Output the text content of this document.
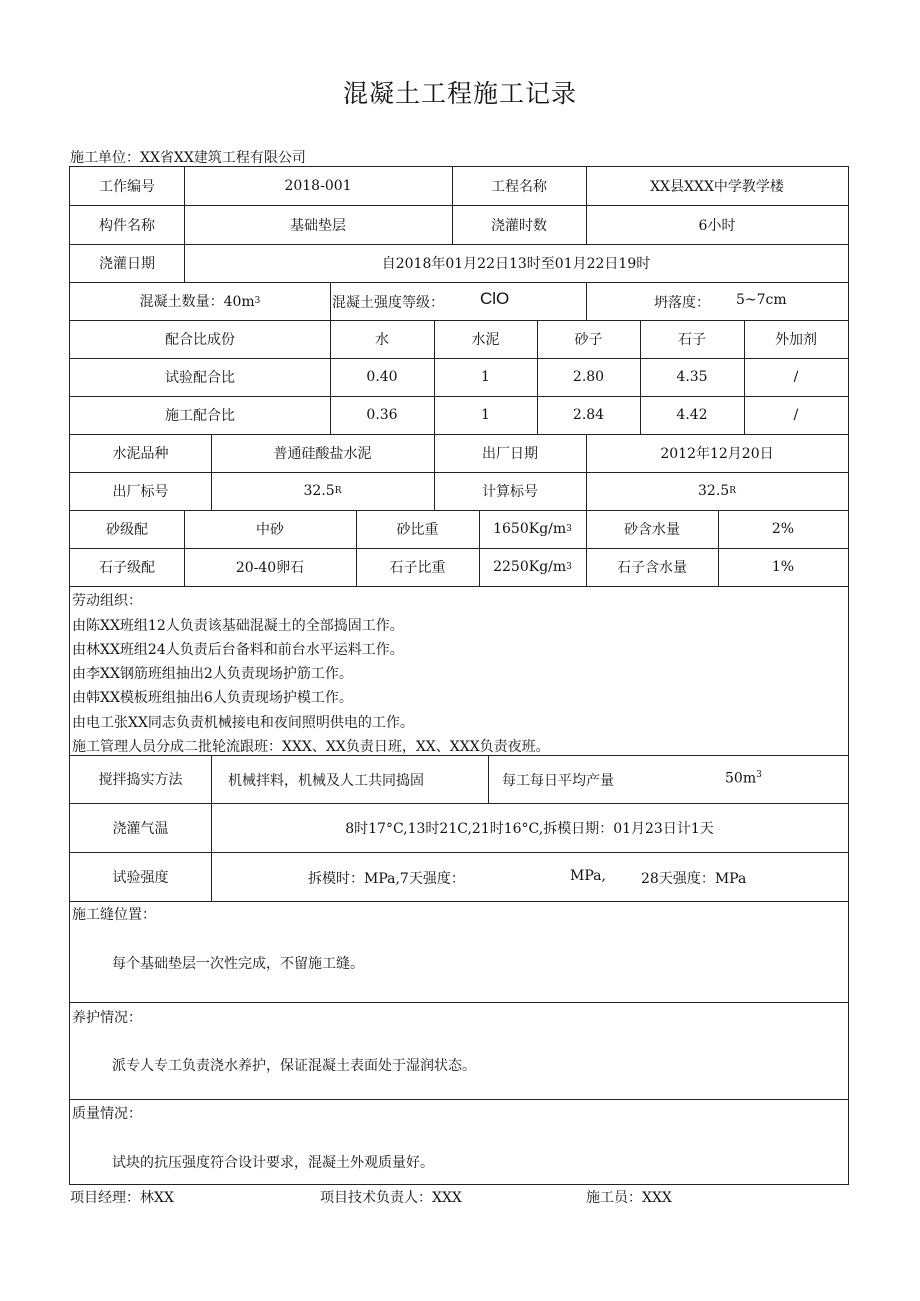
混凝土工程施工记录
施工单位：XX省XX建筑工程有限公司
工作编号	2018-001	工程名称	XX县XXX中学教学楼
构件名称	基础垫层	浇灌时数	6小时
浇灌日期	自2018年01月22日13时至01月22日19时
混凝土数量：40m 3	混凝土强度等级： ClO	坍落度： 5~7cm
配合比成份	水	水泥	砂子	石子	外加剂
试验配合比	0.40	1	2.80	4.35	/
施工配合比	0.36	1	2.84	4.42	/
水泥品种	普通硅酸盐水泥	出厂日期	2012年12月20日
出厂标号	32.5 R	计算标号	32.5 R
砂级配	中砂	砂比重	1650Kg/m 3	砂含水量	2%
石子级配	20-40卵石	石子比重	2250Kg/m 3	石子含水量	1%
劳动组织：
由陈XX班组12人负责该基础混凝土的全部捣固工作。
由林XX班组24人负责后台备料和前台水平运料工作。
由李XX钢筋班组抽出2人负责现场护筋工作。
由韩XX模板班组抽出6人负责现场护模工作。
由电工张XX同志负责机械接电和夜间照明供电的工作。
施工管理人员分成二批轮流跟班：XXX、XX负责日班，XX、XXX负责夜班。
搅拌捣实方法	机械拌料，机械及人工共同捣固	每工每日平均产量	$50m^3$
浇灌气温	8时17°C,13时21C,21时16°C,拆模日期：01月23日计1天
试验强度	拆模时：MPa,7天强度：	MPa,	28天强度：MPa
施工缝位置：
每个基础垫层一次性完成，不留施工缝。
养护情况：
派专人专工负责浇水养护，保证混凝土表面处于湿润状态。
质量情况：
试块的抗压强度符合设计要求，混凝土外观质量好。
项目经理：林XX	项目技术负责人：XXX	施工员：XXX
